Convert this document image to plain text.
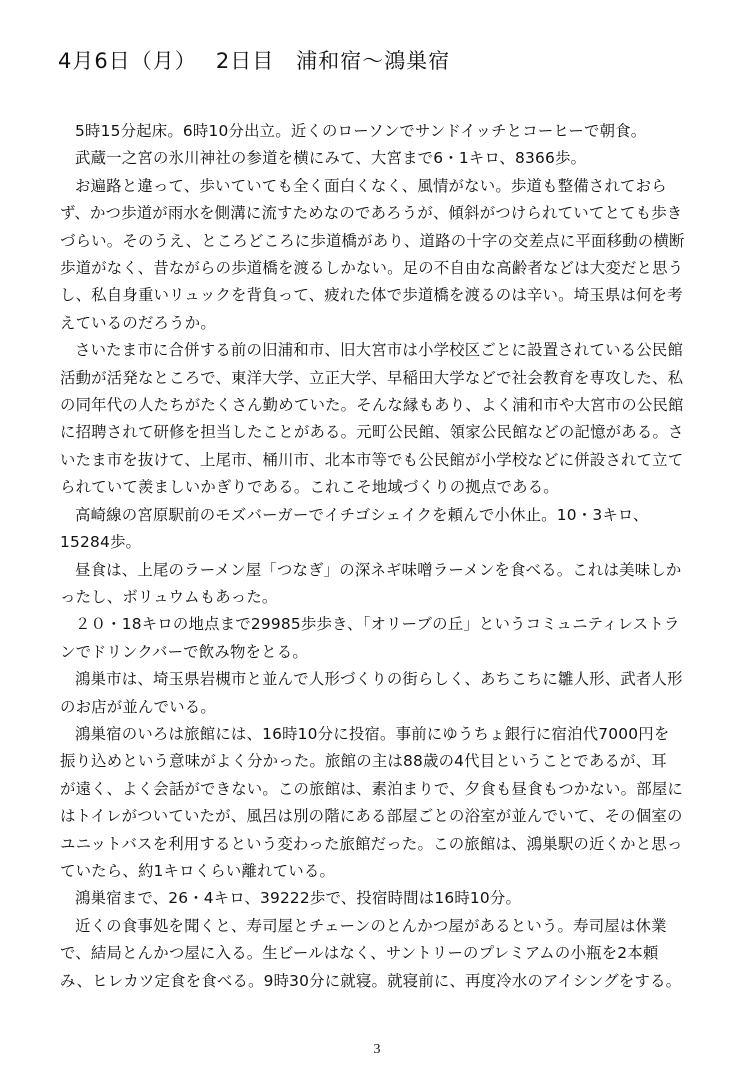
4月6日（月）　 2日目　浦和宿～鴻巣宿
5時15分起床。6時10分出立。近くのローソンでサンドイッチとコーヒーで朝食。
武蔵一之宮の氷川神社の参道を横にみて、大宮まで6・1キロ、8366歩。
お遍路と違って、歩いていても全く面白くなく、風情がない。歩道も整備されておら
ず、かつ歩道が雨水を側溝に流すためなのであろうが、傾斜がつけられていてとても歩き
づらい。そのうえ、ところどころに歩道橋があり、道路の十字の交差点に平面移動の横断
歩道がなく、昔ながらの歩道橋を渡るしかない。足の不自由な高齢者などは大変だと思う
し、私自身重いリュックを背負って、疲れた体で歩道橋を渡るのは辛い。埼玉県は何を考
えているのだろうか。
さいたま市に合併する前の旧浦和市、旧大宮市は小学校区ごとに設置されている公民館
活動が活発なところで、東洋大学、立正大学、早稲田大学などで社会教育を専攻した、私
の同年代の人たちがたくさん勤めていた。そんな縁もあり、よく浦和市や大宮市の公民館
に招聘されて研修を担当したことがある。元町公民館、領家公民館などの記憶がある。さ
いたま市を抜けて、上尾市、桶川市、北本市等でも公民館が小学校などに併設されて立て
られていて羨ましいかぎりである。これこそ地域づくりの拠点である。
高崎線の宮原駅前のモズバーガーでイチゴシェイクを頼んで小休止。10・3キロ、
15284歩。
昼食は、上尾のラーメン屋「つなぎ」の深ネギ味噌ラーメンを食べる。これは美味しか
ったし、ボリュウムもあった。
２０・18キロの地点まで29985歩歩き、「オリーブの丘」というコミュニティレストラ
ンでドリンクバーで飲み物をとる。
鴻巣市は、埼玉県岩槻市と並んで人形づくりの街らしく、あちこちに雛人形、武者人形
のお店が並んでいる。
鴻巣宿のいろは旅館には、16時10分に投宿。事前にゆうちょ銀行に宿泊代7000円を
振り込めという意味がよく分かった。旅館の主は88歳の4代目ということであるが、耳
が遠く、よく会話ができない。この旅館は、素泊まりで、夕食も昼食もつかない。部屋に
はトイレがついていたが、風呂は別の階にある部屋ごとの浴室が並んでいて、その個室の
ユニットバスを利用するという変わった旅館だった。この旅館は、鴻巣駅の近くかと思っ
ていたら、約1キロくらい離れている。
鴻巣宿まで、26・4キロ、39222歩で、投宿時間は16時10分。
近くの食事処を聞くと、寿司屋とチェーンのとんかつ屋があるという。寿司屋は休業
で、結局とんかつ屋に入る。生ビールはなく、サントリーのプレミアムの小瓶を2本頼
み、ヒレカツ定食を食べる。9時30分に就寝。就寝前に、再度冷水のアイシングをする。
3
